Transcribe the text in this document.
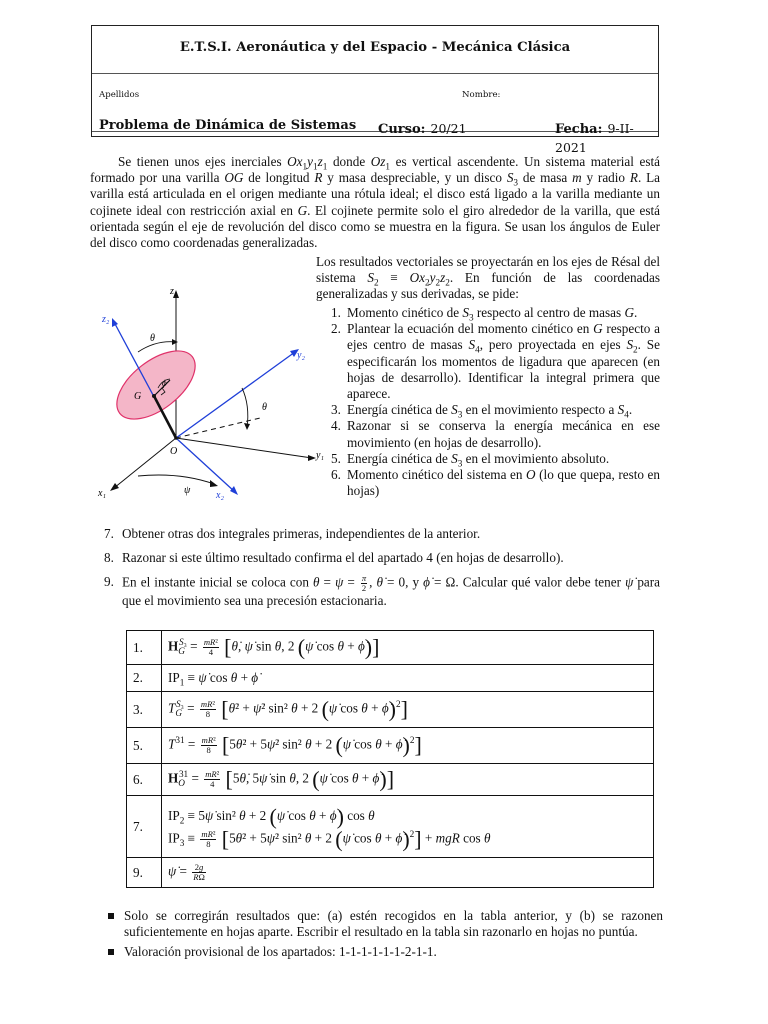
E.T.S.I. Aeronáutica y del Espacio - Mecánica Clásica
Apellidos	Nombre:
Problema de Dinámica de Sistemas Curso: 20/21	Fecha: 9-II-2021
Se tienen unos ejes inerciales $Ox_1y_1z_1$ donde $Oz_1$ es vertical ascendente. Un sistema material está formado por una varilla OG de longitud R y masa despreciable, y un disco $S_3$ de masa m y radio R. La varilla está articulada en el origen mediante una rótula ideal; el disco está ligado a la varilla mediante un cojinete ideal con restricción axial en G. El cojinete permite solo el giro alrededor de la varilla, que está orientada según el eje de revolución del disco como se muestra en la figura. Se usan los ángulos de Euler del disco como coordenadas generalizadas.
z₁
z₂
y₂
y₁
x₁	x₂
θ
θ
ϕ
ψ
G
O
Los resultados vectoriales se proyectarán en los ejes de Résal del sistema $S_2 \equiv Ox_2y_2z_2$. En función de las coordenadas generalizadas y sus derivadas, se pide:
1. Momento cinético de $S_3$ respecto al centro de masas G.
2. Plantear la ecuación del momento cinético en G respecto a ejes centro de masas $S_4$, pero proyectada en ejes $S_2$. Se especificarán los momentos de ligadura que aparecen (en hojas de desarrollo). Identificar la integral primera que aparece.
3. Energía cinética de $S_3$ en el movimiento respecto a $S_4$.
4. Razonar si se conserva la energía mecánica en ese movimiento (en hojas de desarrollo).
5. Energía cinética de $S_3$ en el movimiento absoluto.
6. Momento cinético del sistema en O (lo que quepa, resto en hojas)
7. Obtener otras dos integrales primeras, independientes de la anterior.
8. Razonar si este último resultado confirma el del apartado 4 (en hojas de desarrollo).
9. En el instante inicial se coloca con $\theta = \psi = \frac{\pi}{2}$ , θ̇ = 0, y ϕ̇ = Ω. Calcular qué valor debe tener ψ̇ para que el movimiento sea una precesión estacionaria.
1.	$H_G^{S_3} = \frac{\text{mR²}}{4}$ [θ̇, ψ̇ sin θ, 2 (ψ̇ cos θ + ϕ̇)]
2.	$IP_1$ ≡ ψ̇ cos θ + ϕ̇
3.	$T_G^{S_3} = \frac{\text{mR²}}{8}$ [θ̇² + ψ̇² sin² θ + 2 (ψ̇ cos θ + ϕ̇)$^2$]
5.	$T^{31} = \frac{\text{mR²}}{8}$ [5θ̇² + 5ψ̇² sin² θ + 2 (ψ̇ cos θ + ϕ̇)$^2$]
6.	$H_O^{31} = \frac{\text{mR²}}{4}$ [5θ̇, 5ψ̇ sin θ, 2 (ψ̇ cos θ + ϕ̇)]
7.	$IP_2$ ≡ 5ψ̇ sin² θ + 2 (ψ̇ cos θ + ϕ̇) cos θ
$IP_3 \equiv \frac{\text{mR²}}{8}$ [5θ̇² + 5ψ̇² sin² θ + 2 (ψ̇ cos θ + ϕ̇)$^2$] + mgR cos θ

9.	ψ̇ = $\frac{2g}{R\Omega}$
Solo se corregirán resultados que: (a) estén recogidos en la tabla anterior, y (b) se razonen suficientemente en hojas aparte. Escribir el resultado en la tabla sin razonarlo en hojas no puntúa.
Valoración provisional de los apartados: 1-1-1-1-1-1-2-1-1.
